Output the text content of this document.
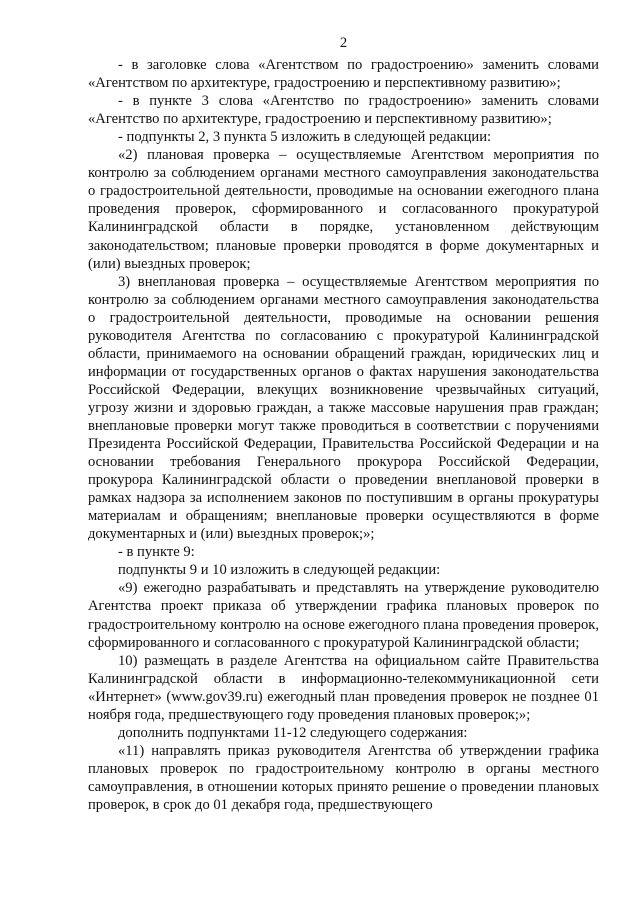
2

- в заголовке слова «Агентством по градостроению» заменить словами «Агентством по архитектуре, градостроению и перспективному развитию»;

- в пункте 3 слова «Агентство по градостроению» заменить словами «Агентство по архитектуре, градостроению и перспективному развитию»;

- подпункты 2, 3 пункта 5 изложить в следующей редакции:

«2) плановая проверка – осуществляемые Агентством мероприятия по контролю за соблюдением органами местного самоуправления законодательства о градостроительной деятельности, проводимые на основании ежегодного плана проведения проверок, сформированного и согласованного прокуратурой Калининградской области в порядке, установленном действующим законодательством; плановые проверки проводятся в форме документарных и (или) выездных проверок;

3) внеплановая проверка – осуществляемые Агентством мероприятия по контролю за соблюдением органами местного самоуправления законодательства о градостроительной деятельности, проводимые на основании решения руководителя Агентства по согласованию с прокуратурой Калининградской области, принимаемого на основании обращений граждан, юридических лиц и информации от государственных органов о фактах нарушения законодательства Российской Федерации, влекущих возникновение чрезвычайных ситуаций, угрозу жизни и здоровью граждан, а также массовые нарушения прав граждан; внеплановые проверки могут также проводиться в соответствии с поручениями Президента Российской Федерации, Правительства Российской Федерации и на основании требования Генерального прокурора Российской Федерации, прокурора Калининградской области о проведении внеплановой проверки в рамках надзора за исполнением законов по поступившим в органы прокуратуры материалам и обращениям; внеплановые проверки осуществляются в форме документарных и (или) выездных проверок;»;

- в пункте 9:

подпункты 9 и 10 изложить в следующей редакции:

«9) ежегодно разрабатывать и представлять на утверждение руководителю Агентства проект приказа об утверждении графика плановых проверок по градостроительному контролю на основе ежегодного плана проведения проверок, сформированного и согласованного с прокуратурой Калининградской области;

10) размещать в разделе Агентства на официальном сайте Правительства Калининградской области в информационно-телекоммуникационной сети «Интернет» (www.gov39.ru) ежегодный план проведения проверок не позднее 01 ноября года, предшествующего году проведения плановых проверок;»;

дополнить подпунктами 11-12 следующего содержания:

«11) направлять приказ руководителя Агентства об утверждении графика плановых проверок по градостроительному контролю в органы местного самоуправления, в отношении которых принято решение о проведении плановых проверок, в срок до 01 декабря года, предшествующего
